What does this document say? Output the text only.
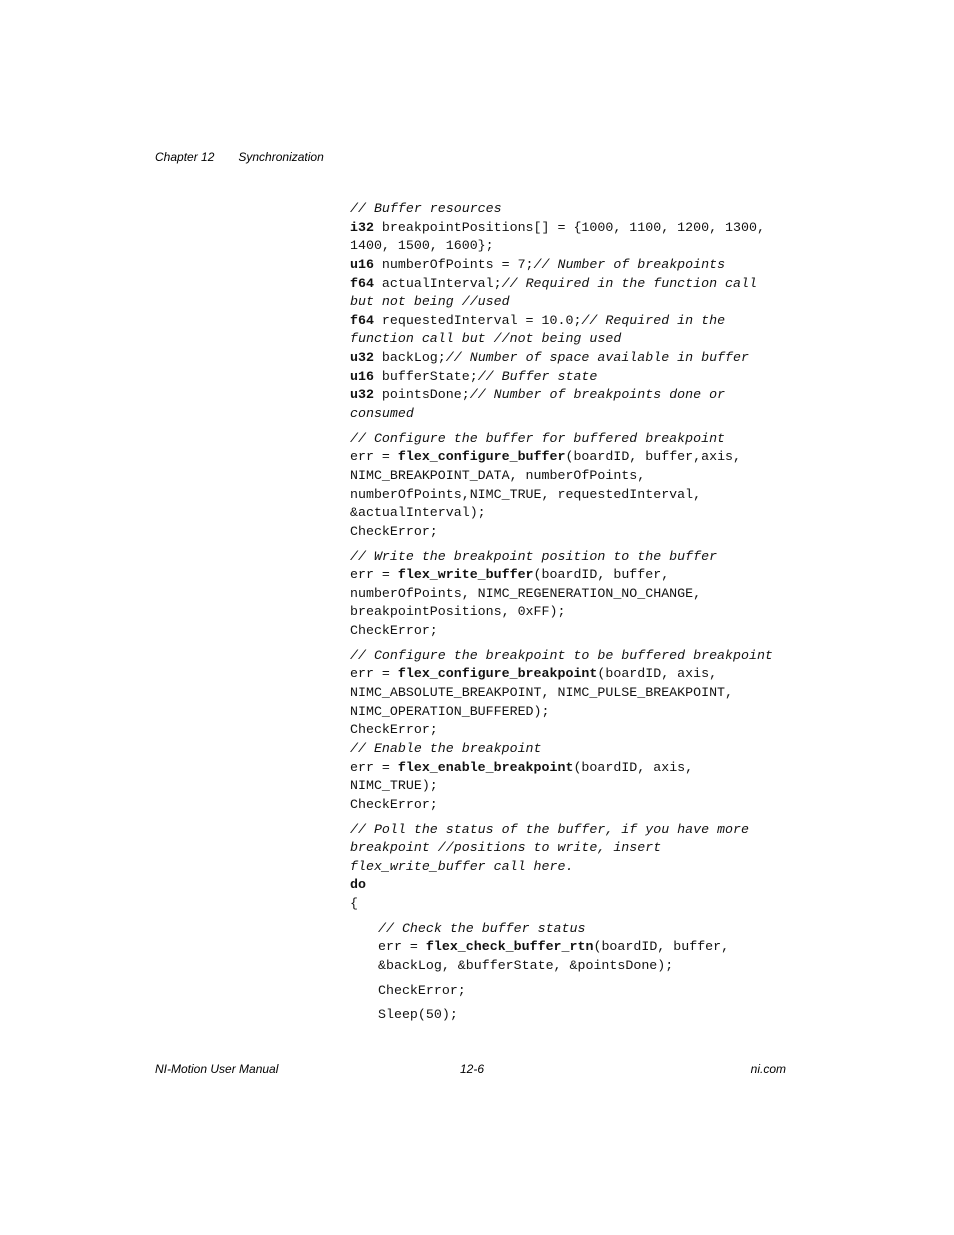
Chapter 12 Synchronization
// Buffer resources
i32 breakpointPositions[] = {1000, 1100, 1200, 1300,
1400, 1500, 1600};
u16 numberOfPoints = 7;// Number of breakpoints
f64 actualInterval;// Required in the function call
but not being //used
f64 requestedInterval = 10.0;// Required in the
function call but //not being used
u32 backLog;// Number of space available in buffer
u16 bufferState;// Buffer state
u32 pointsDone;// Number of breakpoints done or
consumed
// Configure the buffer for buffered breakpoint
err = flex_configure_buffer(boardID, buffer,axis,
NIMC_BREAKPOINT_DATA, numberOfPoints,
numberOfPoints,NIMC_TRUE, requestedInterval,
&actualInterval);
CheckError;
// Write the breakpoint position to the buffer
err = flex_write_buffer(boardID, buffer,
numberOfPoints, NIMC_REGENERATION_NO_CHANGE,
breakpointPositions, 0xFF);
CheckError;
// Configure the breakpoint to be buffered breakpoint
err = flex_configure_breakpoint(boardID, axis,
NIMC_ABSOLUTE_BREAKPOINT, NIMC_PULSE_BREAKPOINT,
NIMC_OPERATION_BUFFERED);
CheckError;
// Enable the breakpoint
err = flex_enable_breakpoint(boardID, axis,
NIMC_TRUE);
CheckError;
// Poll the status of the buffer, if you have more
breakpoint //positions to write, insert
flex_write_buffer call here.
do
{
// Check the buffer status
err = flex_check_buffer_rtn(boardID, buffer,
&backLog, &bufferState, &pointsDone);
CheckError;
Sleep(50);
NI-Motion User Manual	12-6	ni.com
